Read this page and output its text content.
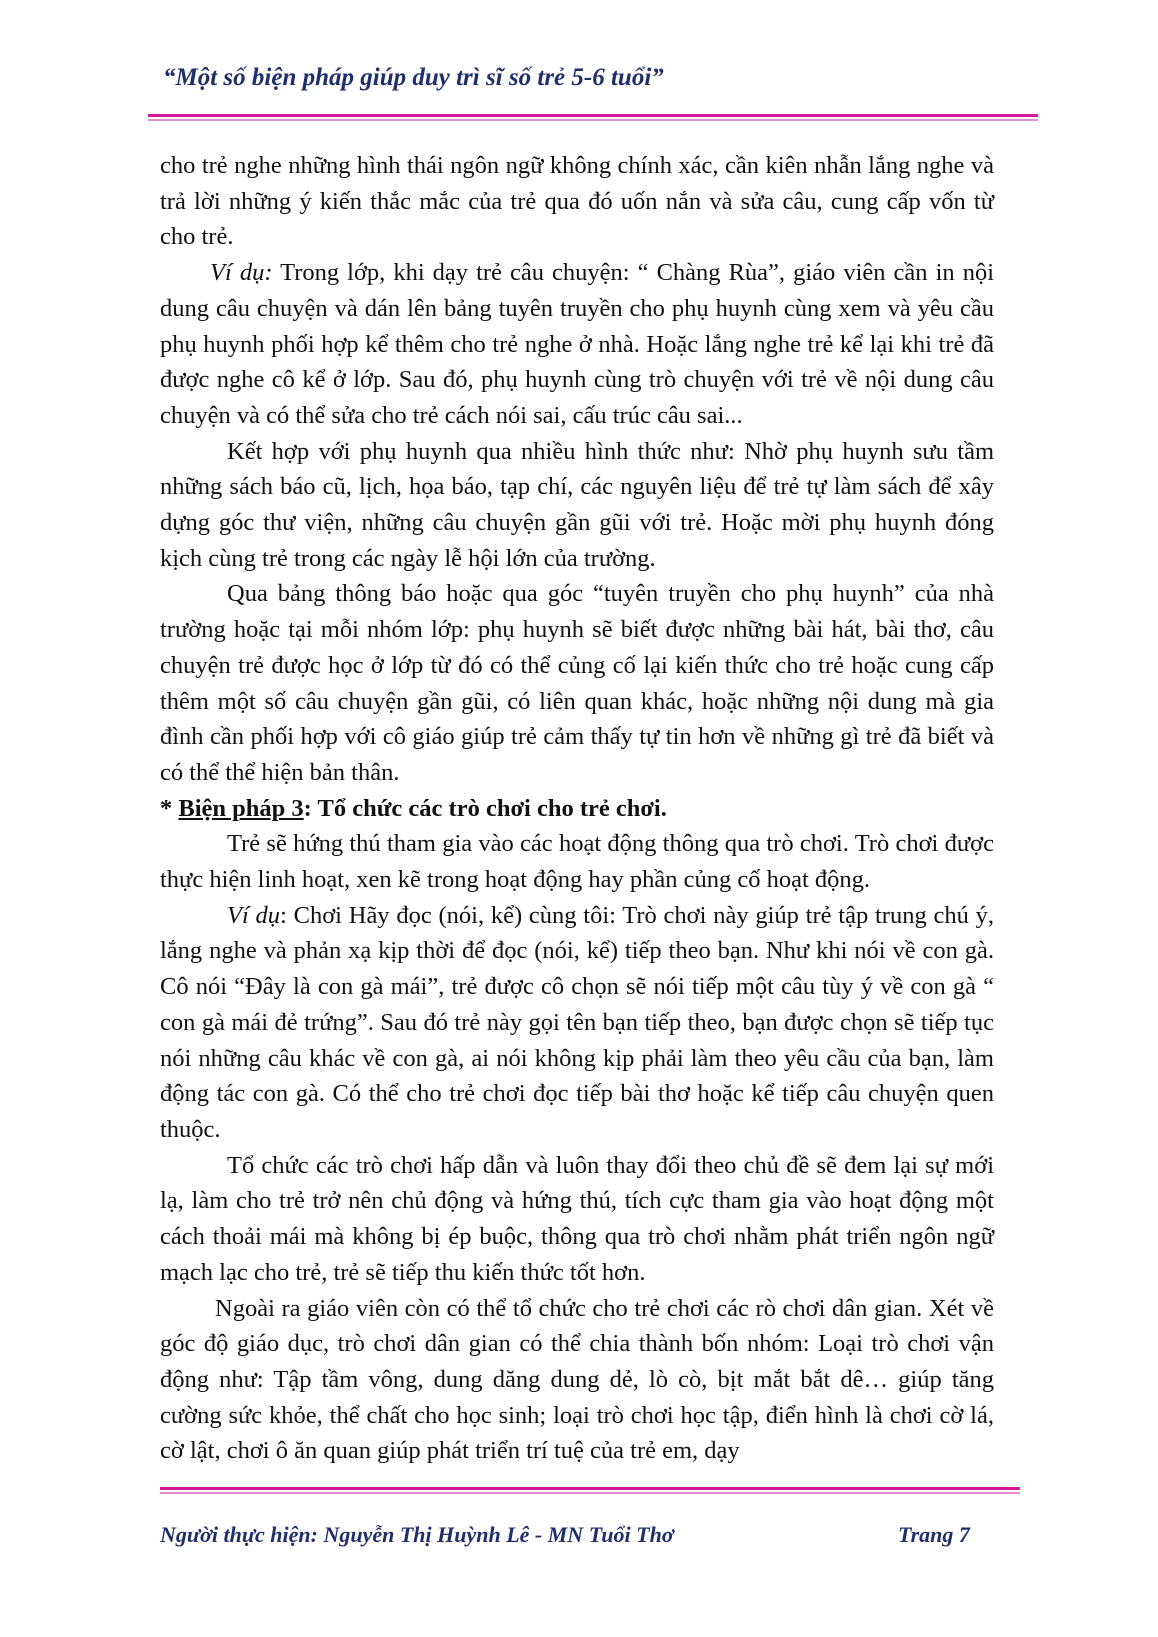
“Một số biện pháp giúp duy trì sĩ số trẻ 5-6 tuổi”

cho trẻ nghe những hình thái ngôn ngữ không chính xác, cần kiên nhẫn lắng nghe và trả lời những ý kiến thắc mắc của trẻ qua đó uốn nắn và sửa câu, cung cấp vốn từ cho trẻ.

Ví dụ: Trong lớp, khi dạy trẻ câu chuyện: “ Chàng Rùa”, giáo viên cần in nội dung câu chuyện và dán lên bảng tuyên truyền cho phụ huynh cùng xem và yêu cầu phụ huynh phối hợp kể thêm cho trẻ nghe ở nhà. Hoặc lắng nghe trẻ kể lại khi trẻ đã được nghe cô kể ở lớp. Sau đó, phụ huynh cùng trò chuyện với trẻ về nội dung câu chuyện và có thể sửa cho trẻ cách nói sai, cấu trúc câu sai...

Kết hợp với phụ huynh qua nhiều hình thức như: Nhờ phụ huynh sưu tầm những sách báo cũ, lịch, họa báo, tạp chí, các nguyên liệu để trẻ tự làm sách để xây dựng góc thư viện, những câu chuyện gần gũi với trẻ. Hoặc mời phụ huynh đóng kịch cùng trẻ trong các ngày lễ hội lớn của trường.

Qua bảng thông báo hoặc qua góc “tuyên truyền cho phụ huynh” của nhà trường hoặc tại mỗi nhóm lớp: phụ huynh sẽ biết được những bài hát, bài thơ, câu chuyện trẻ được học ở lớp từ đó có thể củng cố lại kiến thức cho trẻ hoặc cung cấp thêm một số câu chuyện gần gũi, có liên quan khác, hoặc những nội dung mà gia đình cần phối hợp với cô giáo giúp trẻ cảm thấy tự tin hơn về những gì trẻ đã biết và có thể thể hiện bản thân.

* Biện pháp 3: Tổ chức các trò chơi cho trẻ chơi.

Trẻ sẽ hứng thú tham gia vào các hoạt động thông qua trò chơi. Trò chơi được thực hiện linh hoạt, xen kẽ trong hoạt động hay phần củng cố hoạt động.

Ví dụ: Chơi Hãy đọc (nói, kể) cùng tôi: Trò chơi này giúp trẻ tập trung chú ý, lắng nghe và phản xạ kịp thời để đọc (nói, kể) tiếp theo bạn. Như khi nói về con gà. Cô nói “Đây là con gà mái”, trẻ được cô chọn sẽ nói tiếp một câu tùy ý về con gà “ con gà mái đẻ trứng”. Sau đó trẻ này gọi tên bạn tiếp theo, bạn được chọn sẽ tiếp tục nói những câu khác về con gà, ai nói không kịp phải làm theo yêu cầu của bạn, làm động tác con gà. Có thể cho trẻ chơi đọc tiếp bài thơ hoặc kể tiếp câu chuyện quen thuộc.

Tổ chức các trò chơi hấp dẫn và luôn thay đổi theo chủ đề sẽ đem lại sự mới lạ, làm cho trẻ trở nên chủ động và hứng thú, tích cực tham gia vào hoạt động một cách thoải mái mà không bị ép buộc, thông qua trò chơi nhằm phát triển ngôn ngữ mạch lạc cho trẻ, trẻ sẽ tiếp thu kiến thức tốt hơn.

Ngoài ra giáo viên còn có thể tổ chức cho trẻ chơi các rò chơi dân gian. Xét về góc độ giáo dục, trò chơi dân gian có thể chia thành bốn nhóm: Loại trò chơi vận động như: Tập tầm vông, dung dăng dung dẻ, lò cò, bịt mắt bắt dê… giúp tăng cường sức khỏe, thể chất cho học sinh; loại trò chơi học tập, điển hình là chơi cờ lá, cờ lật, chơi ô ăn quan giúp phát triển trí tuệ của trẻ em, dạy

Người thực hiện: Nguyễn Thị Huỳnh Lê - MN Tuổi Thơ	Trang 7
